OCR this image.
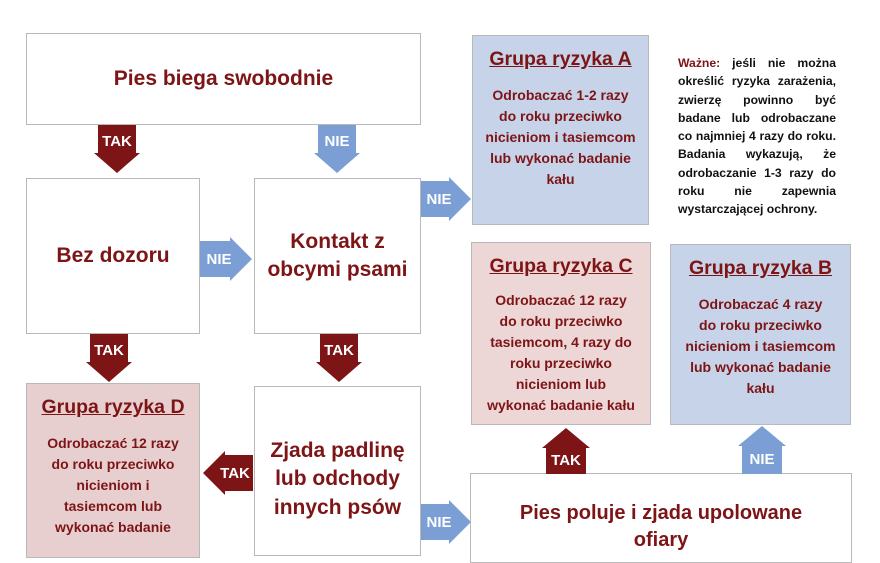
Pies biega swobodnie
Bez dozoru
Kontakt z
obcymi psami
Zjada padlinę
lub odchody
innych psów	Pies poluje i zjada upolowane
ofiary
Grupa ryzyka A
Odrobaczać 1-2 razy
do roku przeciwko
nicieniom i tasiemcom
lub wykonać badanie
kału
Grupa ryzyka C
Odrobaczać 12 razy
do roku przeciwko
tasiemcom, 4 razy do
roku przeciwko
nicieniom lub
wykonać badanie kału
Grupa ryzyka B
Odrobaczać 4 razy
do roku przeciwko
nicieniom i tasiemcom
lub wykonać badanie
kału
Grupa ryzyka D
Odrobaczać 12 razy
do roku przeciwko
nicieniom i
tasiemcom lub
wykonać badanie
TAK	NIE
TAK	TAK
NIE
NIE
NIE
TAK
TAK	NIE
Ważne: jeśli nie można określić ryzyka zarażenia, zwierzę powinno być badane lub odrobaczane co najmniej 4 razy do roku. Badania wykazują, że odrobaczanie 1-3 razy do roku nie zapewnia wystarczającej ochrony.
